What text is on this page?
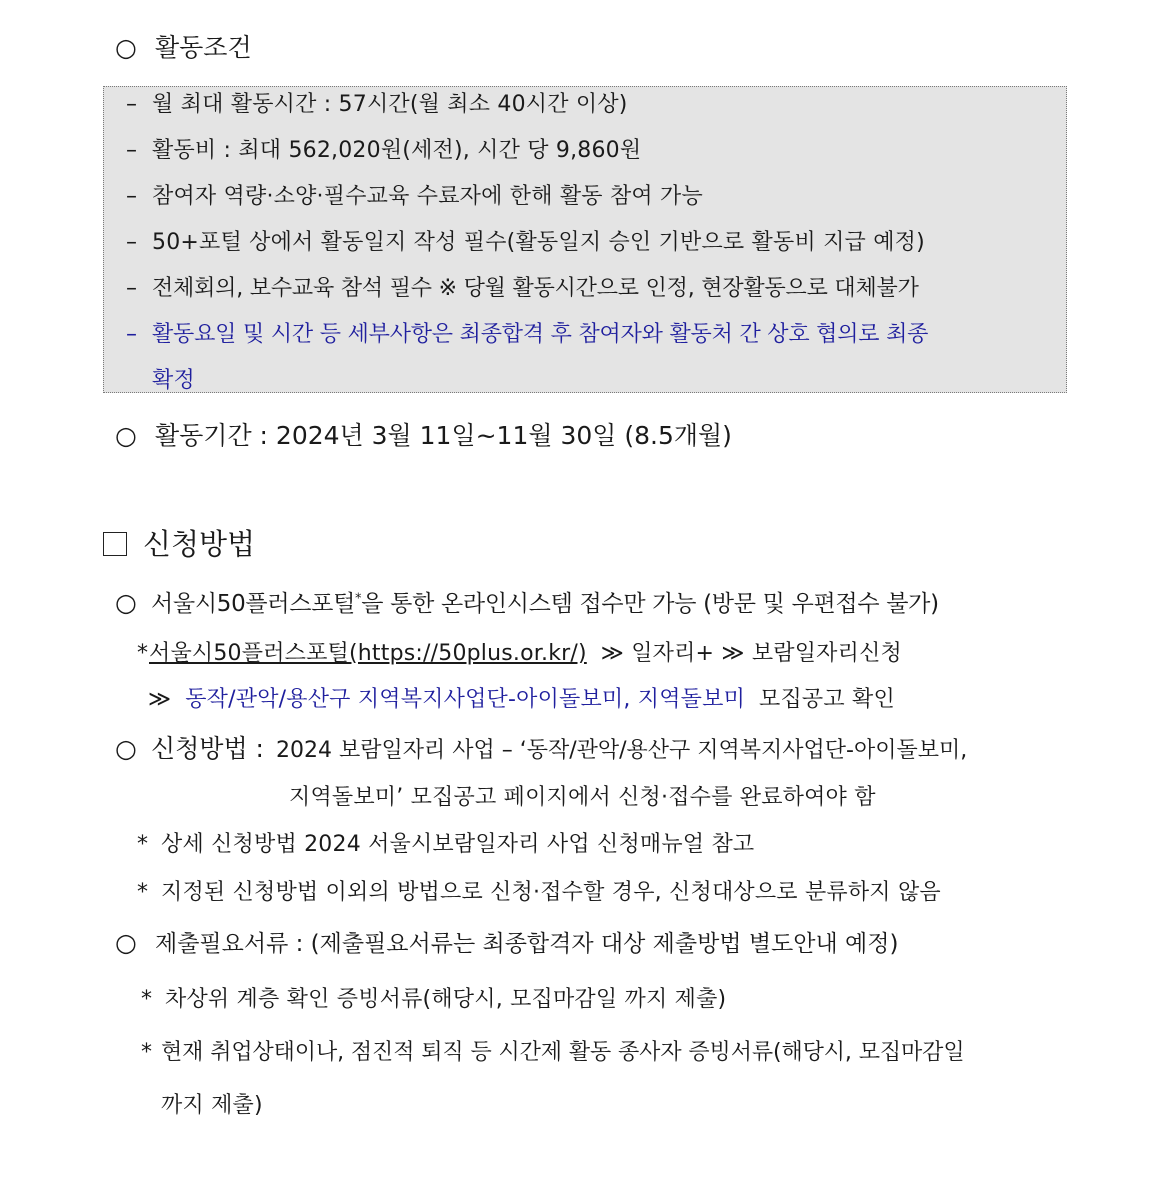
○ 활동조건
– 월 최대 활동시간 : 57시간(월 최소 40시간 이상)
– 활동비 : 최대 562,020원(세전), 시간 당 9,860원
– 참여자 역량·소양·필수교육 수료자에 한해 활동 참여 가능
– 50+포털 상에서 활동일지 작성 필수(활동일지 승인 기반으로 활동비 지급 예정)
– 전체회의, 보수교육 참석 필수 ※ 당월 활동시간으로 인정, 현장활동으로 대체불가
– 활동요일 및 시간 등 세부사항은 최종합격 후 참여자와 활동처 간 상호 협의로 최종
확정
○ 활동기간 : 2024년 3월 11일~11월 30일 (8.5개월)
신청방법
○ 서울시50플러스포털*을 통한 온라인시스템 접수만 가능 (방문 및 우편접수 불가)
*서울시50플러스포털(https://50plus.or.kr/) ≫ 일자리+ ≫ 보람일자리신청
≫ 동작/관악/용산구 지역복지사업단-아이돌보미, 지역돌보미 모집공고 확인
○ 신청방법 : 2024 보람일자리 사업 – ‘동작/관악/용산구 지역복지사업단-아이돌보미,
지역돌보미’ 모집공고 페이지에서 신청·접수를 완료하여야 함
* 상세 신청방법 2024 서울시보람일자리 사업 신청매뉴얼 참고
* 지정된 신청방법 이외의 방법으로 신청·접수할 경우, 신청대상으로 분류하지 않음
○ 제출필요서류 : (제출필요서류는 최종합격자 대상 제출방법 별도안내 예정)
* 차상위 계층 확인 증빙서류(해당시, 모집마감일 까지 제출)
* 현재 취업상태이나, 점진적 퇴직 등 시간제 활동 종사자 증빙서류(해당시, 모집마감일
까지 제출)
